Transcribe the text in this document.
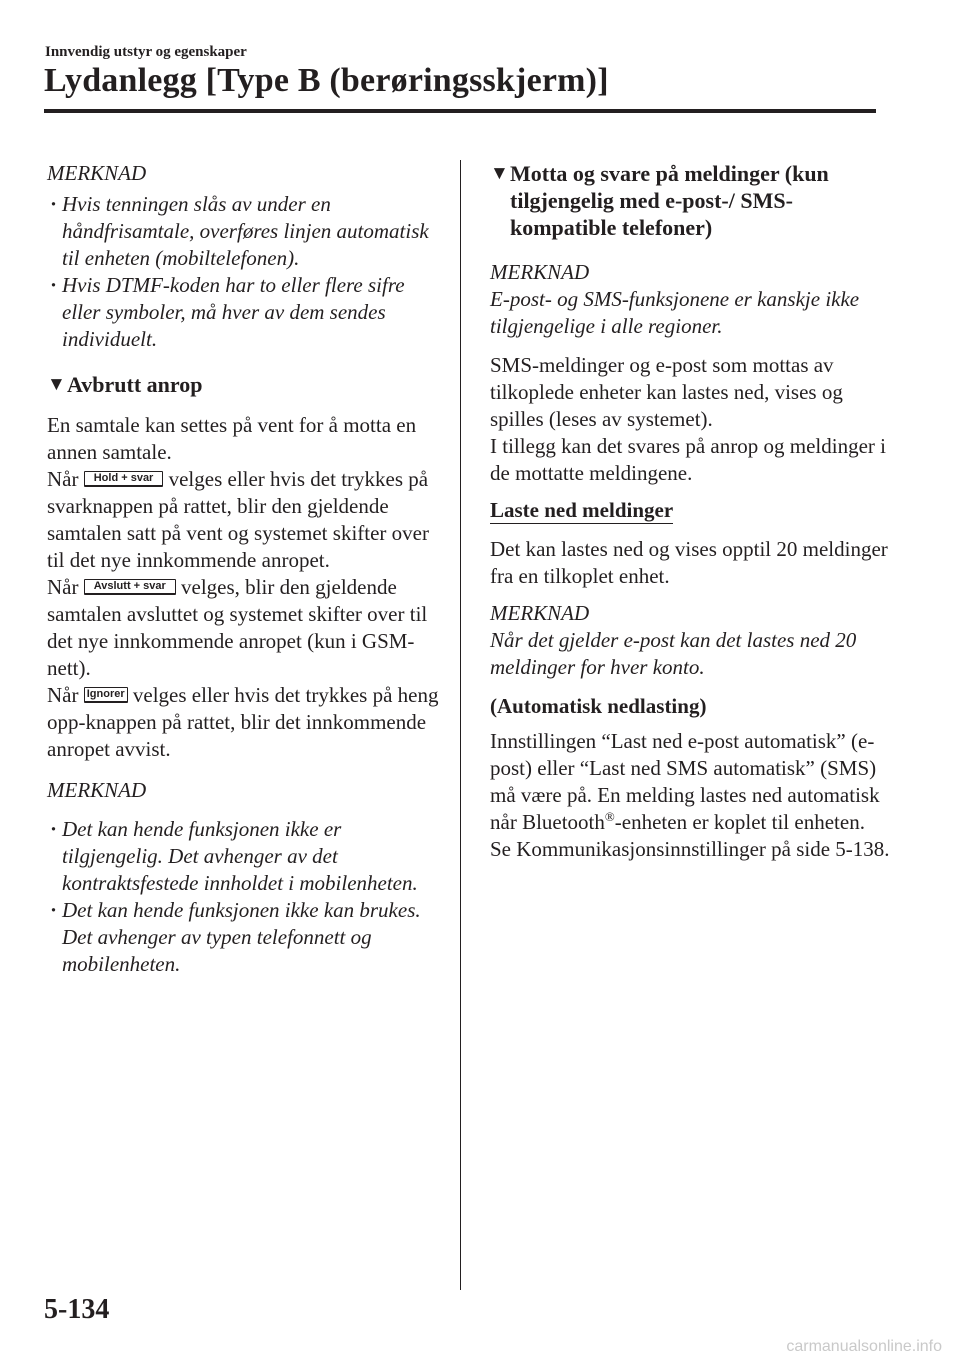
Innvendig utstyr og egenskaper
Lydanlegg [Type B (berøringsskjerm)]

MERKNAD

· Hvis tenningen slås av under en håndfrisamtale, overføres linjen automatisk til enheten (mobiltelefonen).
· Hvis DTMF-koden har to eller flere sifre eller symboler, må hver av dem sendes individuelt.
▼ Avbrutt anrop

En samtale kan settes på vent for å motta en annen samtale.

Når Hold + svar velges eller hvis det trykkes på svarknappen på rattet, blir den gjeldende samtalen satt på vent og systemet skifter over til det nye innkommende anropet.

Når Avslutt + svar velges, blir den gjeldende samtalen avsluttet og systemet skifter over til det nye innkommende anropet (kun i GSM-nett).

Når Ignorer velges eller hvis det trykkes på heng opp-knappen på rattet, blir det innkommende anropet avvist.

MERKNAD

· Det kan hende funksjonen ikke er tilgjengelig. Det avhenger av det kontraktsfestede innholdet i mobilenheten.
· Det kan hende funksjonen ikke kan brukes. Det avhenger av typen telefonnett og mobilenheten.
▼ Motta og svare på meldinger (kun tilgjengelig med e-post-/ SMS-kompatible telefoner)

MERKNAD

E-post- og SMS-funksjonene er kanskje ikke tilgjengelige i alle regioner.

SMS-meldinger og e-post som mottas av tilkoplede enheter kan lastes ned, vises og spilles (leses av systemet).

I tillegg kan det svares på anrop og meldinger i de mottatte meldingene.

Laste ned meldinger

Det kan lastes ned og vises opptil 20 meldinger fra en tilkoplet enhet.

MERKNAD

Når det gjelder e-post kan det lastes ned 20 meldinger for hver konto.

(Automatisk nedlasting)

Innstillingen “Last ned e-post automatisk” (e-post) eller “Last ned SMS automatisk” (SMS) må være på. En melding lastes ned automatisk når Bluetooth®-enheten er koplet til enheten.

Se Kommunikasjonsinnstillinger på side 5-138.

5-134
carmanualsonline.info
